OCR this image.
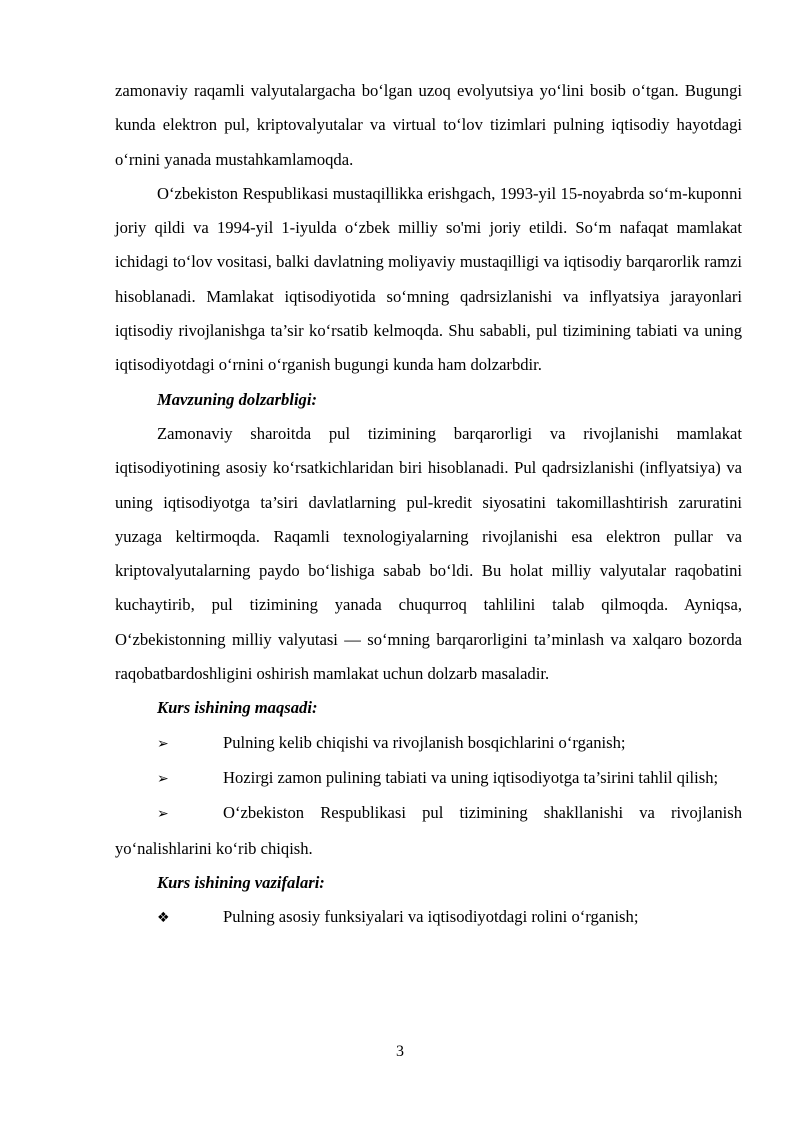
zamonaviy raqamli valyutalargacha bo‘lgan uzoq evolyutsiya yo‘lini bosib o‘tgan. Bugungi kunda elektron pul, kriptovalyutalar va virtual to‘lov tizimlari pulning iqtisodiy hayotdagi o‘rnini yanada mustahkamlamoqda.

O‘zbekiston Respublikasi mustaqillikka erishgach, 1993-yil 15-noyabrda so‘m-kuponni joriy qildi va 1994-yil 1-iyulda o‘zbek milliy so'mi joriy etildi. So‘m nafaqat mamlakat ichidagi to‘lov vositasi, balki davlatning moliyaviy mustaqilligi va iqtisodiy barqarorlik ramzi hisoblanadi. Mamlakat iqtisodiyotida so‘mning qadrsizlanishi va inflyatsiya jarayonlari iqtisodiy rivojlanishga ta’sir ko‘rsatib kelmoqda. Shu sababli, pul tizimining tabiati va uning iqtisodiyotdagi o‘rnini o‘rganish bugungi kunda ham dolzarbdir.

Mavzuning dolzarbligi:

Zamonaviy sharoitda pul tizimining barqarorligi va rivojlanishi mamlakat iqtisodiyotining asosiy ko‘rsatkichlaridan biri hisoblanadi. Pul qadrsizlanishi (inflyatsiya) va uning iqtisodiyotga ta’siri davlatlarning pul-kredit siyosatini takomillashtirish zaruratini yuzaga keltirmoqda. Raqamli texnologiyalarning rivojlanishi esa elektron pullar va kriptovalyutalarning paydo bo‘lishiga sabab bo‘ldi. Bu holat milliy valyutalar raqobatini kuchaytirib, pul tizimining yanada chuqurroq tahlilini talab qilmoqda. Ayniqsa, O‘zbekistonning milliy valyutasi — so‘mning barqarorligini ta’minlash va xalqaro bozorda raqobatbardoshligini oshirish mamlakat uchun dolzarb masaladir.

Kurs ishining maqsadi:

➢	Pulning kelib chiqishi va rivojlanish bosqichlarini o‘rganish;

➢	Hozirgi zamon pulining tabiati va uning iqtisodiyotga ta’sirini tahlil qilish;

➢	O‘zbekiston Respublikasi pul tizimining shakllanishi va rivojlanish yo‘nalishlarini ko‘rib chiqish.

Kurs ishining vazifalari:

❖	Pulning asosiy funksiyalari va iqtisodiyotdagi rolini o‘rganish;

3
